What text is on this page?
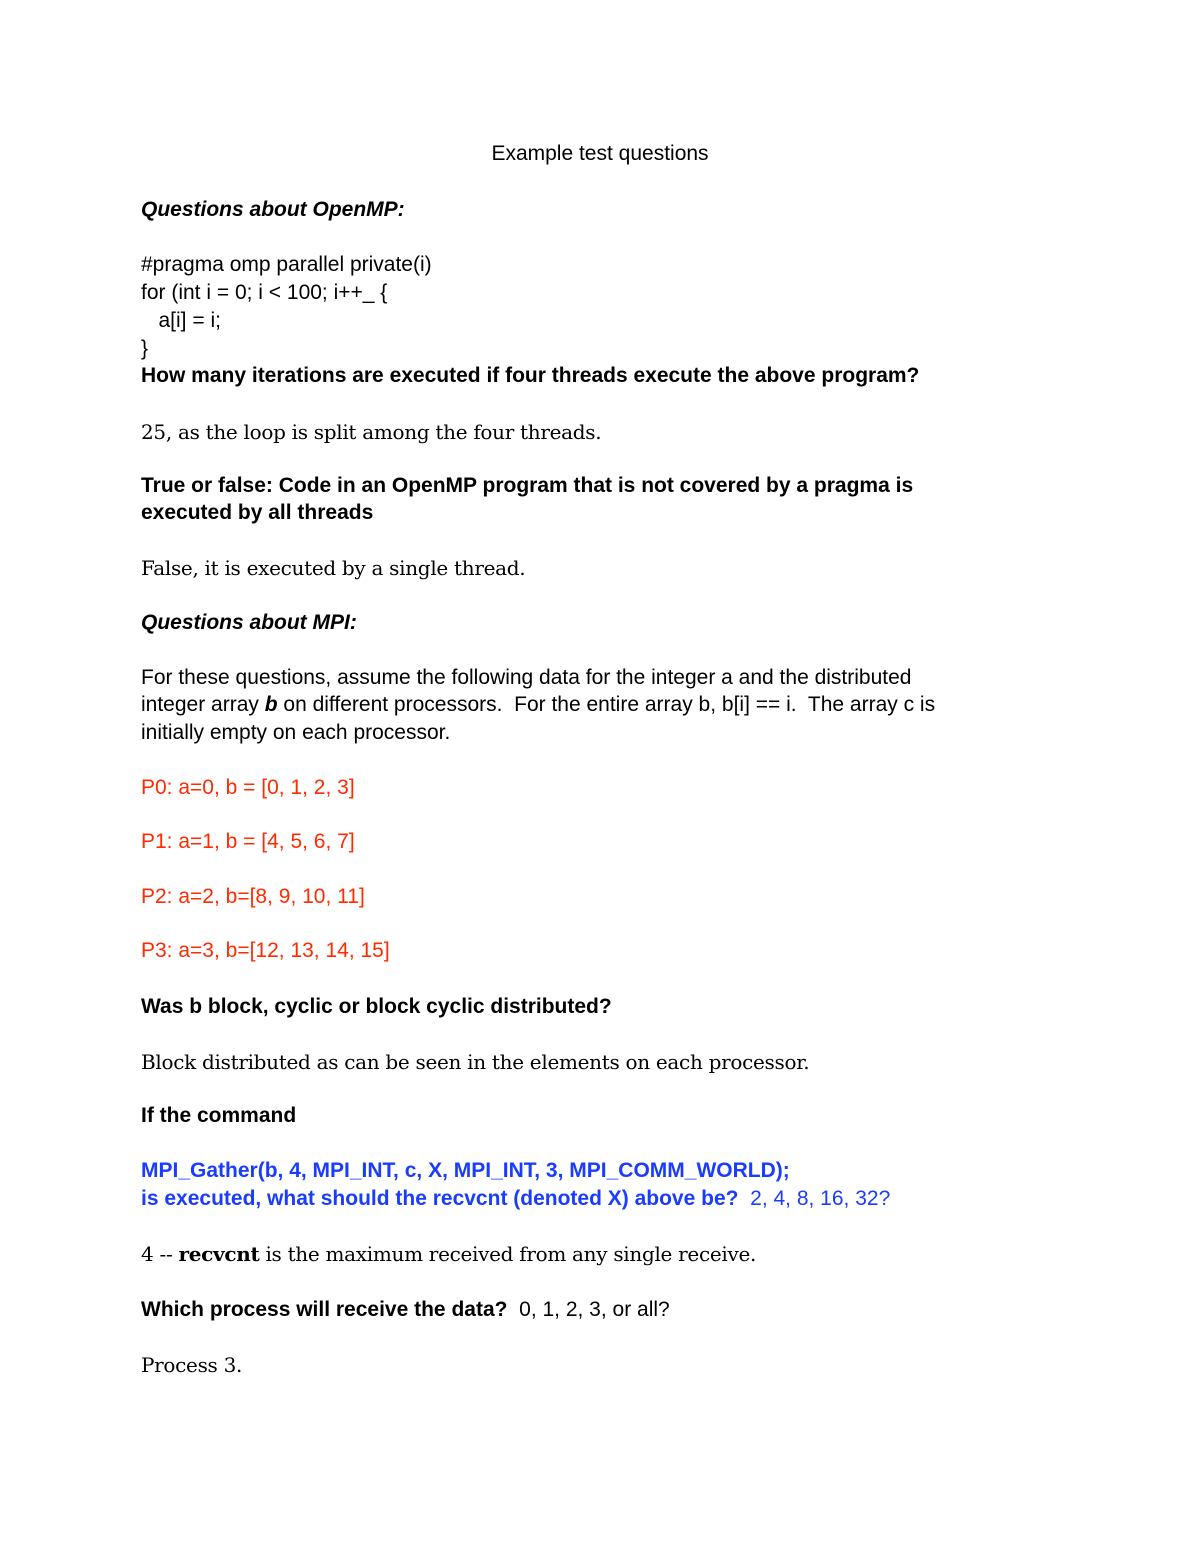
Example test questions

Questions about OpenMP:

#pragma omp parallel private(i)

for (int i = 0; i < 100; i++_ {

a[i] = i;

}

How many iterations are executed if four threads execute the above program?

25, as the loop is split among the four threads.

True or false: Code in an OpenMP program that is not covered by a pragma is

executed by all threads

False, it is executed by a single thread.

Questions about MPI:

For these questions, assume the following data for the integer a and the distributed

integer array b on different processors.  For the entire array b, b[i] == i.  The array c is

initially empty on each processor.

P0: a=0, b = [0, 1, 2, 3]

P1: a=1, b = [4, 5, 6, 7]

P2: a=2, b=[8, 9, 10, 11]

P3: a=3, b=[12, 13, 14, 15]

Was b block, cyclic or block cyclic distributed?

Block distributed as can be seen in the elements on each processor.

If the command

MPI_Gather(b, 4, MPI_INT, c, X, MPI_INT, 3, MPI_COMM_WORLD);

is executed, what should the recvcnt (denoted X) above be?  2, 4, 8, 16, 32?

4 -- recvcnt is the maximum received from any single receive.

Which process will receive the data?  0, 1, 2, 3, or all?

Process 3.
